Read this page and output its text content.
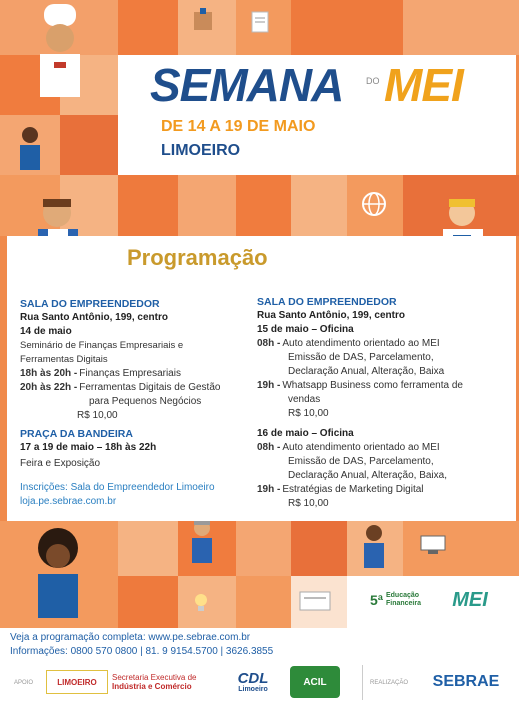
SEMANA	DO MEI
DE 14 A 19 DE MAIO
LIMOEIRO
Programação
SALA DO EMPREENDEDOR
Rua Santo Antônio, 199, centro
14 de maio
Seminário de Finanças Empresariais e
Ferramentas Digitais
18h às 20h - Finanças Empresariais
20h às 22h - Ferramentas Digitais de Gestão
para Pequenos Negócios
R$ 10,00
PRAÇA DA BANDEIRA
17 a 19 de maio – 18h às 22h
Feira e Exposição
Inscrições: Sala do Empreendedor Limoeiro
loja.pe.sebrae.com.br
SALA DO EMPREENDEDOR
Rua Santo Antônio, 199, centro
15 de maio – Oficina
08h - Auto atendimento orientado ao MEI
Emissão de DAS, Parcelamento,
Declaração Anual, Alteração, Baixa
19h - Whatsapp Business como ferramenta de
vendas
R$ 10,00
16 de maio – Oficina
08h - Auto atendimento orientado ao MEI
Emissão de DAS, Parcelamento,
Declaração Anual, Alteração, Baixa,
19h - Estratégias de Marketing Digital
R$ 10,00
5ª Educação
Financeira MEI
Veja a programação completa: www.pe.sebrae.com.br
Informações: 0800 570 0800 | 81. 9 9154.5700 | 3626.3855
APOIO	LIMOEIRO Secretaria Executiva de
Indústria e Comércio	CDL
Limoeiro
ACIL	REALIZAÇÃO SEBRAE
